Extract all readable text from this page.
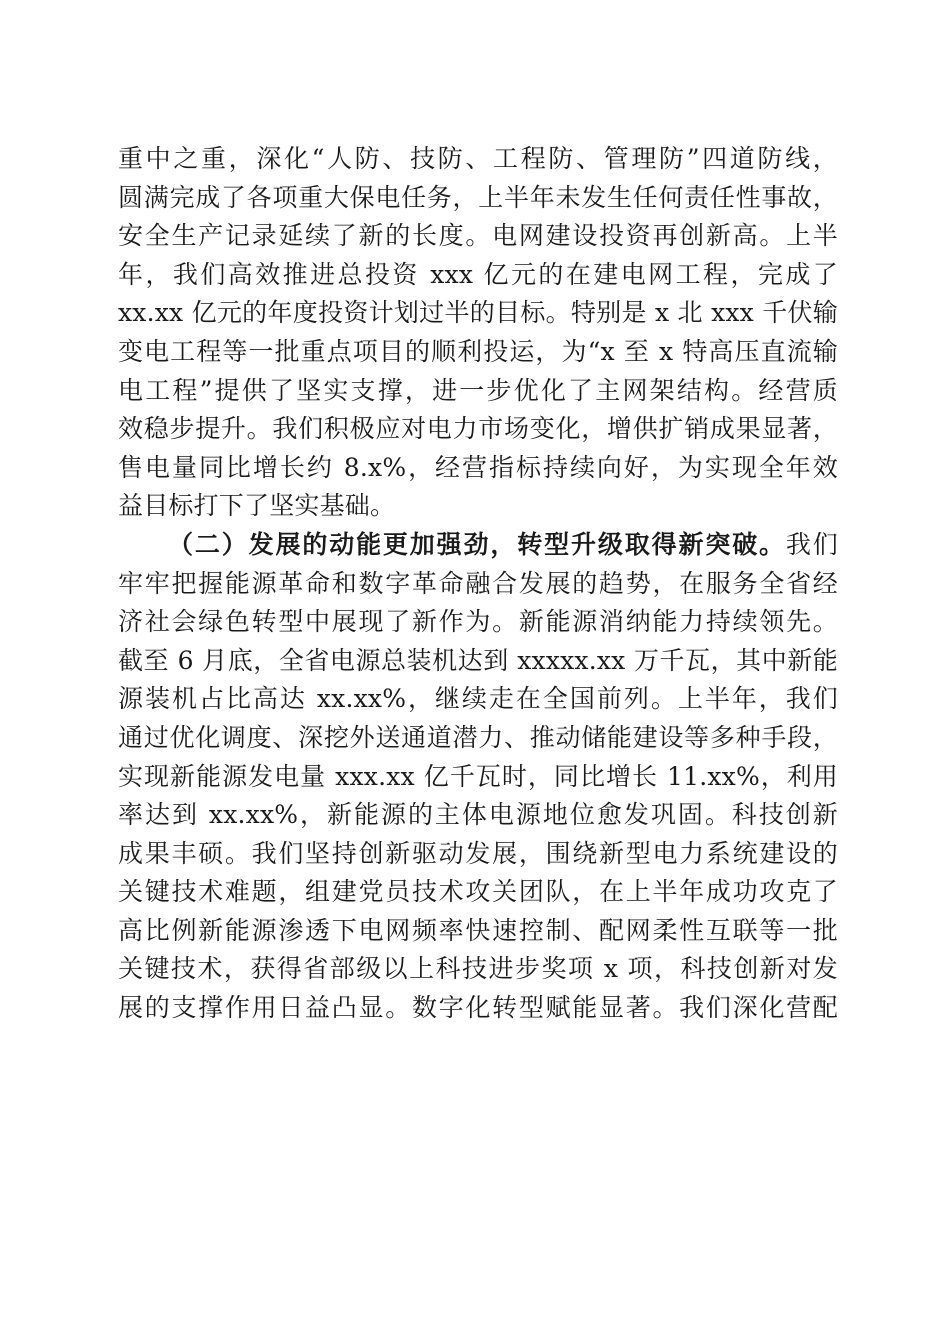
重中之重，深化“人防、技防、工程防、管理防”四道防线，
圆满完成了各项重大保电任务，上半年未发生任何责任性事故，
安全生产记录延续了新的长度。电网建设投资再创新高。上半
年，我们高效推进总投资 xxx 亿元的在建电网工程，完成了
xx.xx 亿元的年度投资计划过半的目标。特别是 x 北 xxx 千伏输
变电工程等一批重点项目的顺利投运，为“x 至 x 特高压直流输
电工程”提供了坚实支撑，进一步优化了主网架结构。经营质
效稳步提升。我们积极应对电力市场变化，增供扩销成果显著，
售电量同比增长约 8.x%，经营指标持续向好，为实现全年效
益目标打下了坚实基础。
（二）发展的动能更加强劲，转型升级取得新突破。我们
牢牢把握能源革命和数字革命融合发展的趋势，在服务全省经
济社会绿色转型中展现了新作为。新能源消纳能力持续领先。
截至 6 月底，全省电源总装机达到 xxxxx.xx 万千瓦，其中新能
源装机占比高达 xx.xx%，继续走在全国前列。上半年，我们
通过优化调度、深挖外送通道潜力、推动储能建设等多种手段，
实现新能源发电量 xxx.xx 亿千瓦时，同比增长 11.xx%，利用
率达到 xx.xx%，新能源的主体电源地位愈发巩固。科技创新
成果丰硕。我们坚持创新驱动发展，围绕新型电力系统建设的
关键技术难题，组建党员技术攻关团队，在上半年成功攻克了
高比例新能源渗透下电网频率快速控制、配网柔性互联等一批
关键技术，获得省部级以上科技进步奖项 x 项，科技创新对发
展的支撑作用日益凸显。数字化转型赋能显著。我们深化营配
